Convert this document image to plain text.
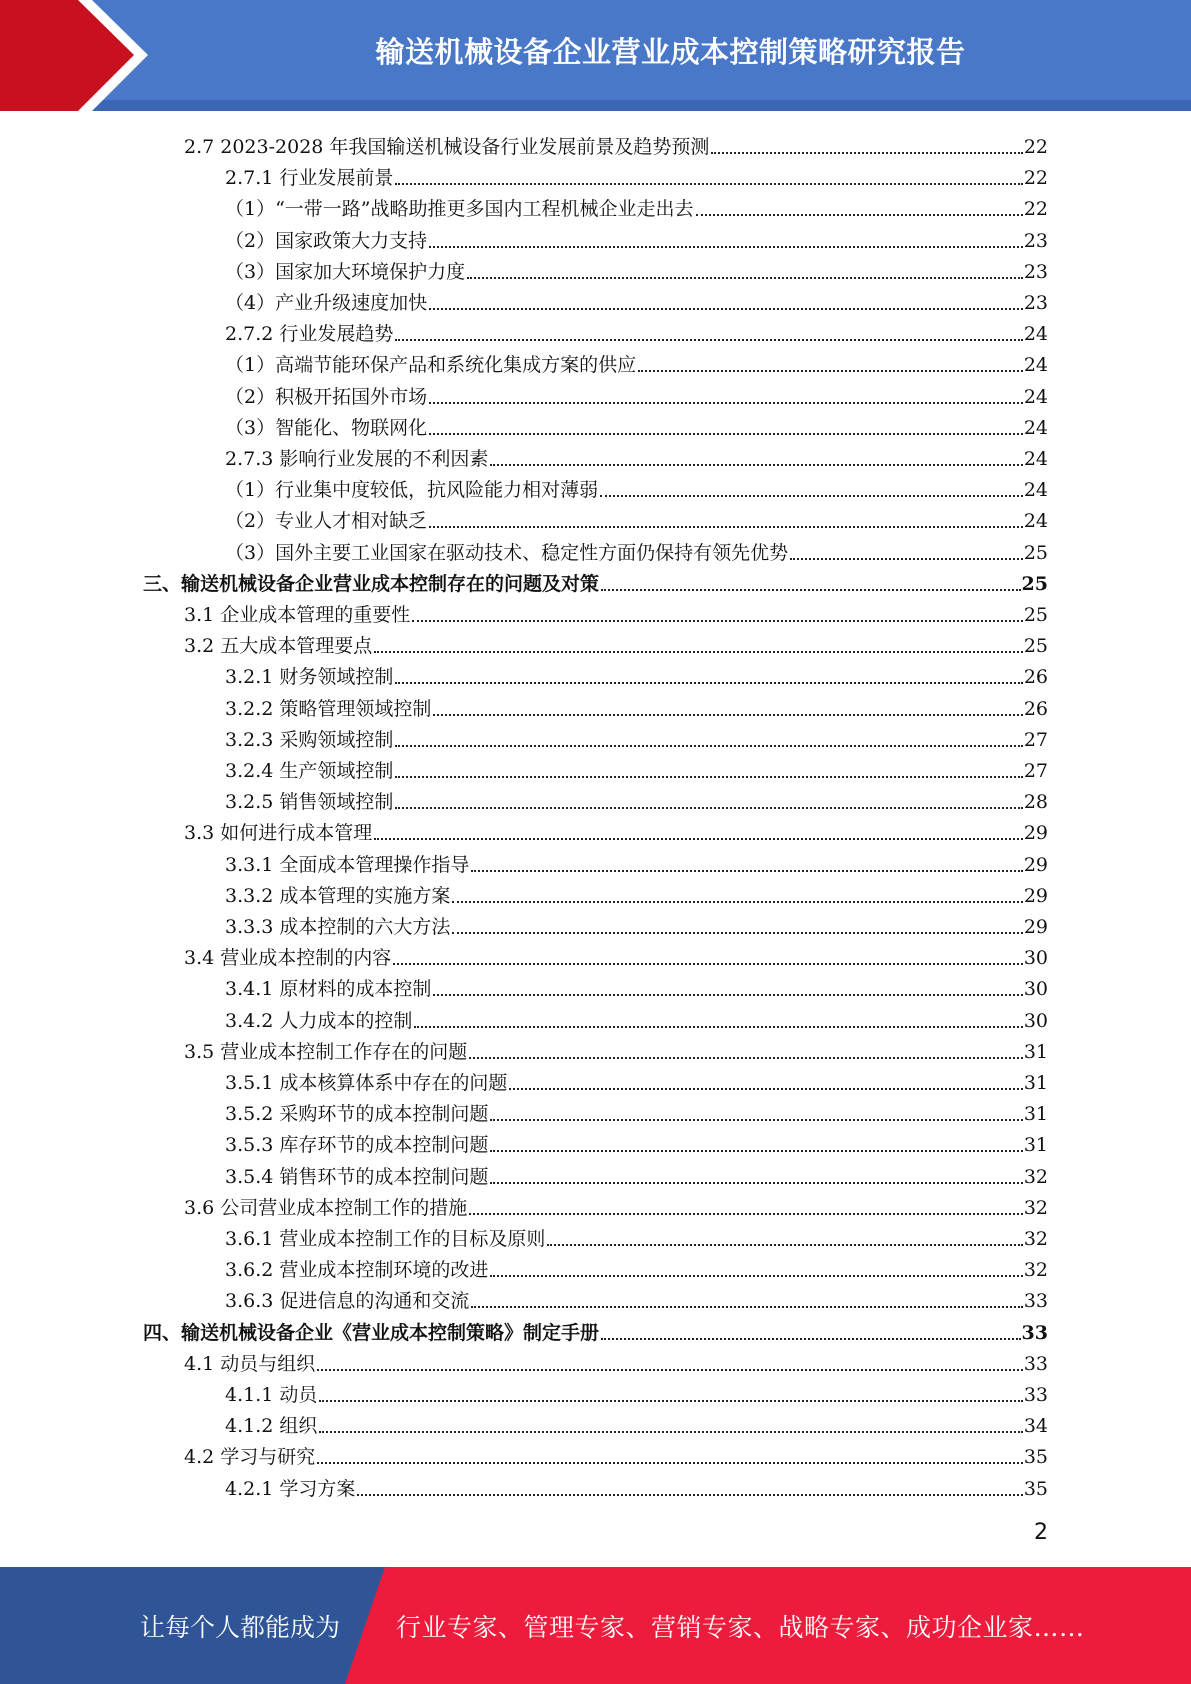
输送机械设备企业营业成本控制策略研究报告
2.7 2023-2028 年我国输送机械设备行业发展前景及趋势预测	22
2.7.1 行业发展前景	22
（1）“一带一路”战略助推更多国内工程机械企业走出去	22
（2）国家政策大力支持	23
（3）国家加大环境保护力度	23
（4）产业升级速度加快	23
2.7.2 行业发展趋势	24
（1）高端节能环保产品和系统化集成方案的供应	24
（2）积极开拓国外市场	24
（3）智能化、物联网化	24
2.7.3 影响行业发展的不利因素	24
（1）行业集中度较低，抗风险能力相对薄弱	24
（2）专业人才相对缺乏	24
（3）国外主要工业国家在驱动技术、稳定性方面仍保持有领先优势	25
三、输送机械设备企业营业成本控制存在的问题及对策	25
3.1 企业成本管理的重要性	25
3.2 五大成本管理要点	25
3.2.1 财务领域控制	26
3.2.2 策略管理领域控制	26
3.2.3 采购领域控制	27
3.2.4 生产领域控制	27
3.2.5 销售领域控制	28
3.3 如何进行成本管理	29
3.3.1 全面成本管理操作指导	29
3.3.2 成本管理的实施方案	29
3.3.3 成本控制的六大方法	29
3.4 营业成本控制的内容	30
3.4.1 原材料的成本控制	30
3.4.2 人力成本的控制	30
3.5 营业成本控制工作存在的问题	31
3.5.1 成本核算体系中存在的问题	31
3.5.2 采购环节的成本控制问题	31
3.5.3 库存环节的成本控制问题	31
3.5.4 销售环节的成本控制问题	32
3.6 公司营业成本控制工作的措施	32
3.6.1 营业成本控制工作的目标及原则	32
3.6.2 营业成本控制环境的改进	32
3.6.3 促进信息的沟通和交流	33
四、输送机械设备企业《营业成本控制策略》制定手册	33
4.1 动员与组织	33
4.1.1 动员	33
4.1.2 组织	34
4.2 学习与研究	35
4.2.1 学习方案	35
2
让每个人都能成为 行业专家、管理专家、营销专家、战略专家、成功企业家……
